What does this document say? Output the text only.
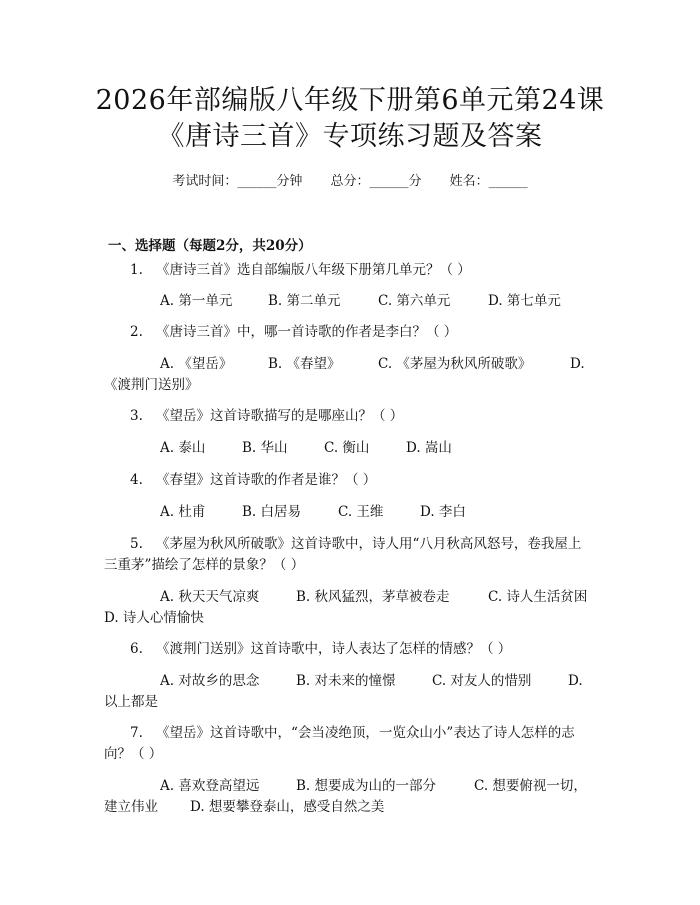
2026年部编版八年级下册第6单元第24课
《唐诗三首》专项练习题及答案
考试时间：______分钟 总分：______分 姓名：______
一、选择题（每题2分，共20分）
1. 《唐诗三首》选自部编版八年级下册第几单元？（ ）
A. 第一单元	B. 第二单元	C. 第六单元	D. 第七单元
2. 《唐诗三首》中，哪一首诗歌的作者是李白？（ ）
A. 《望岳》	B. 《春望》	C. 《茅屋为秋风所破歌》	D.
《渡荆门送别》
3. 《望岳》这首诗歌描写的是哪座山？（ ）
A. 泰山	B. 华山	C. 衡山	D. 嵩山
4. 《春望》这首诗歌的作者是谁？（ ）
A. 杜甫	B. 白居易	C. 王维	D. 李白
5. 《茅屋为秋风所破歌》这首诗歌中，诗人用“八月秋高风怒号，卷我屋上
三重茅”描绘了怎样的景象？（ ）
A. 秋天天气凉爽	B. 秋风猛烈，茅草被卷走	C. 诗人生活贫困
D. 诗人心情愉快
6. 《渡荆门送别》这首诗歌中，诗人表达了怎样的情感？（ ）
A. 对故乡的思念	B. 对未来的憧憬	C. 对友人的惜别	D.
以上都是
7. 《望岳》这首诗歌中，“会当凌绝顶，一览众山小”表达了诗人怎样的志
向？（ ）
A. 喜欢登高望远	B. 想要成为山的一部分	C. 想要俯视一切，
建立伟业 D. 想要攀登泰山，感受自然之美
